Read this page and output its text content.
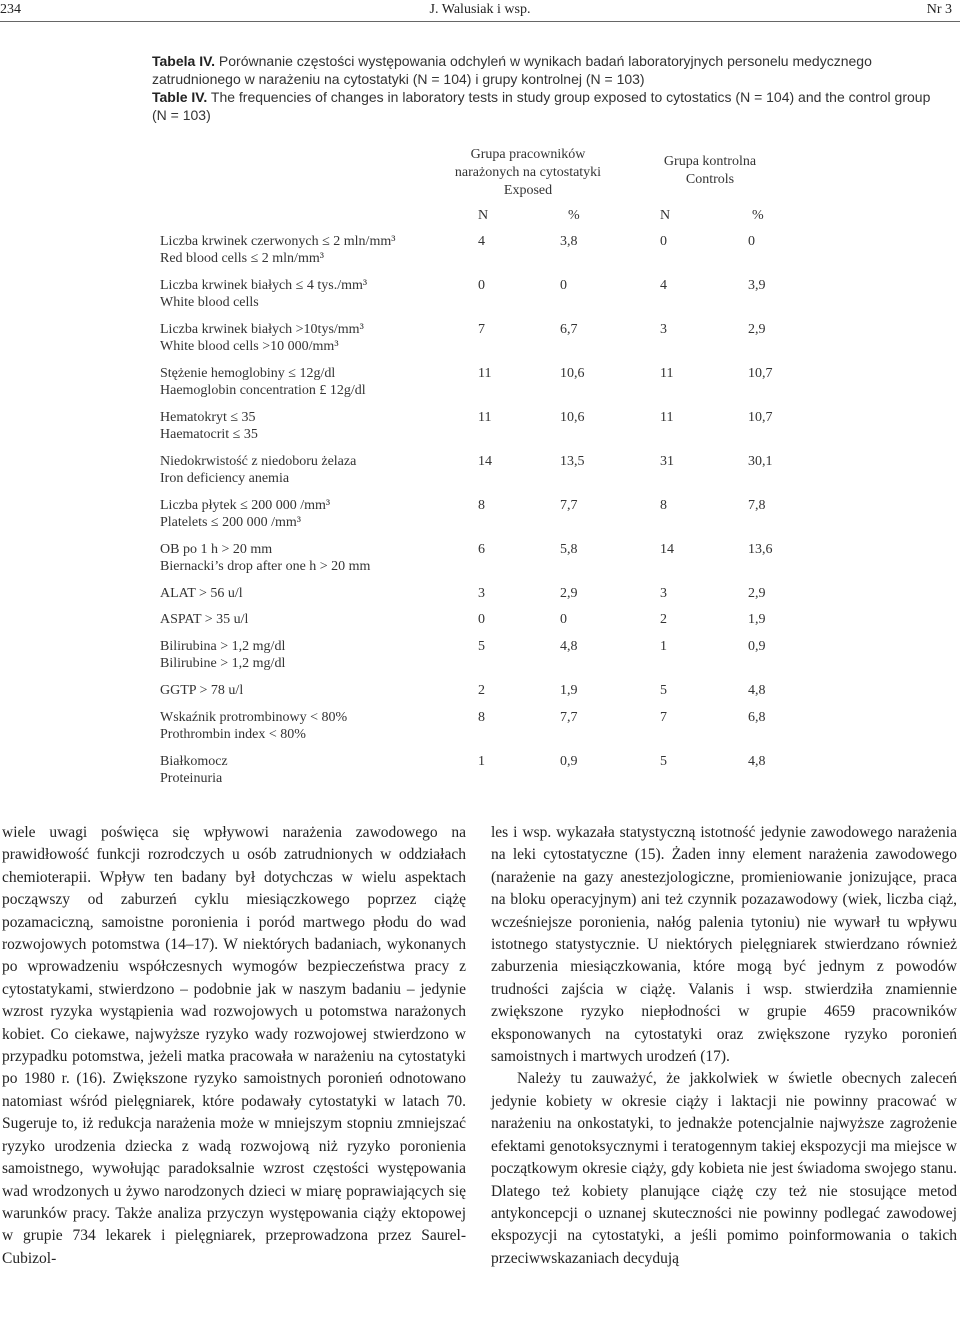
234	J. Walusiak i wsp.	Nr 3

Tabela IV. Porównanie częstości występowania odchyleń w wynikach badań laboratoryjnych personelu medycznego zatrudnionego w narażeniu na cytostatyki (N = 104) i grupy kontrolnej (N = 103)

Table IV. The frequencies of changes in laboratory tests in study group exposed to cytostatics (N = 104) and the control group (N = 103)

Grupa pracowników
narażonych na cytostatyki
Exposed
Grupa kontrolna
Controls
N	%	N	%
Liczba krwinek czerwonych ≤ 2 mln/mm³
Red blood cells ≤ 2 mln/mm³
4	3,8	0	0
Liczba krwinek białych ≤ 4 tys./mm³
White blood cells
0	0	4	3,9
Liczba krwinek białych >10tys/mm³
White blood cells >10 000/mm³
7	6,7	3	2,9
Stężenie hemoglobiny ≤ 12g/dl
Haemoglobin concentration £ 12g/dl
11	10,6	11	10,7
Hematokryt ≤ 35
Haematocrit ≤ 35
11	10,6	11	10,7
Niedokrwistość z niedoboru żelaza
Iron deficiency anemia
14	13,5	31	30,1
Liczba płytek ≤ 200 000 /mm³
Platelets ≤ 200 000 /mm³
8	7,7	8	7,8
OB po 1 h > 20 mm
Biernacki’s drop after one h > 20 mm
6	5,8	14	13,6
ALAT > 56 u/l	3	2,9	3	2,9
ASPAT > 35 u/l	0	0	2	1,9
Bilirubina > 1,2 mg/dl
Bilirubine > 1,2 mg/dl
5	4,8	1	0,9
GGTP > 78 u/l	2	1,9	5	4,8
Wskaźnik protrombinowy < 80%
Prothrombin index < 80%
8	7,7	7	6,8
Białkomocz
Proteinuria
1	0,9	5	4,8

wiele uwagi poświęca się wpływowi narażenia zawodowego na prawidłowość funkcji rozrodczych u osób zatrudnionych w oddziałach chemioterapii. Wpływ ten badany był dotychczas w wielu aspektach począwszy od zaburzeń cyklu miesiączkowego poprzez ciążę pozamaciczną, samoistne poronienia i poród martwego płodu do wad rozwojowych potomstwa (14–17). W niektórych badaniach, wykonanych po wprowadzeniu współczesnych wymogów bezpieczeństwa pracy z cytostatykami, stwierdzono – podobnie jak w naszym badaniu – jedynie wzrost ryzyka wystąpienia wad rozwojowych u potomstwa narażonych kobiet. Co ciekawe, najwyższe ryzyko wady rozwojowej stwierdzono w przypadku potomstwa, jeżeli matka pracowała w narażeniu na cytostatyki po 1980 r. (16). Zwiększone ryzyko samoistnych poronień odnotowano natomiast wśród pielęgniarek, które podawały cytostatyki w latach 70. Sugeruje to, iż redukcja narażenia może w mniejszym stopniu zmniejszać ryzyko urodzenia dziecka z wadą rozwojową niż ryzyko poronienia samoistnego, wywołując paradoksalnie wzrost częstości występowania wad wrodzonych u żywo narodzonych dzieci w miarę poprawiających się warunków pracy. Także analiza przyczyn występowania ciąży ektopowej w grupie 734 lekarek i pielęgniarek, przeprowadzona przez Saurel-Cubizol-

les i wsp. wykazała statystyczną istotność jedynie zawodowego narażenia na leki cytostatyczne (15). Żaden inny element narażenia zawodowego (narażenie na gazy anestezjologiczne, promieniowanie jonizujące, praca na bloku operacyjnym) ani też czynnik pozazawodowy (wiek, liczba ciąż, wcześniejsze poronienia, nałóg palenia tytoniu) nie wywarł tu wpływu istotnego statystycznie. U niektórych pielęgniarek stwierdzano również zaburzenia miesiączkowania, które mogą być jednym z powodów trudności zajścia w ciążę. Valanis i wsp. stwierdziła znamiennie zwiększone ryzyko niepłodności w grupie 4659 pracowników eksponowanych na cytostatyki oraz zwiększone ryzyko poronień samoistnych i martwych urodzeń (17).

Należy tu zauważyć, że jakkolwiek w świetle obecnych zaleceń jedynie kobiety w okresie ciąży i laktacji nie powinny pracować w narażeniu na onkostatyki, to jednakże potencjalnie najwyższe zagrożenie efektami genotoksycznymi i teratogennym takiej ekspozycji ma miejsce w początkowym okresie ciąży, gdy kobieta nie jest świadoma swojego stanu. Dlatego też kobiety planujące ciążę czy też nie stosujące metod antykoncepcji o uznanej skuteczności nie powinny podlegać zawodowej ekspozycji na cytostatyki, a jeśli pomimo poinformowania o takich przeciwwskazaniach decydują
